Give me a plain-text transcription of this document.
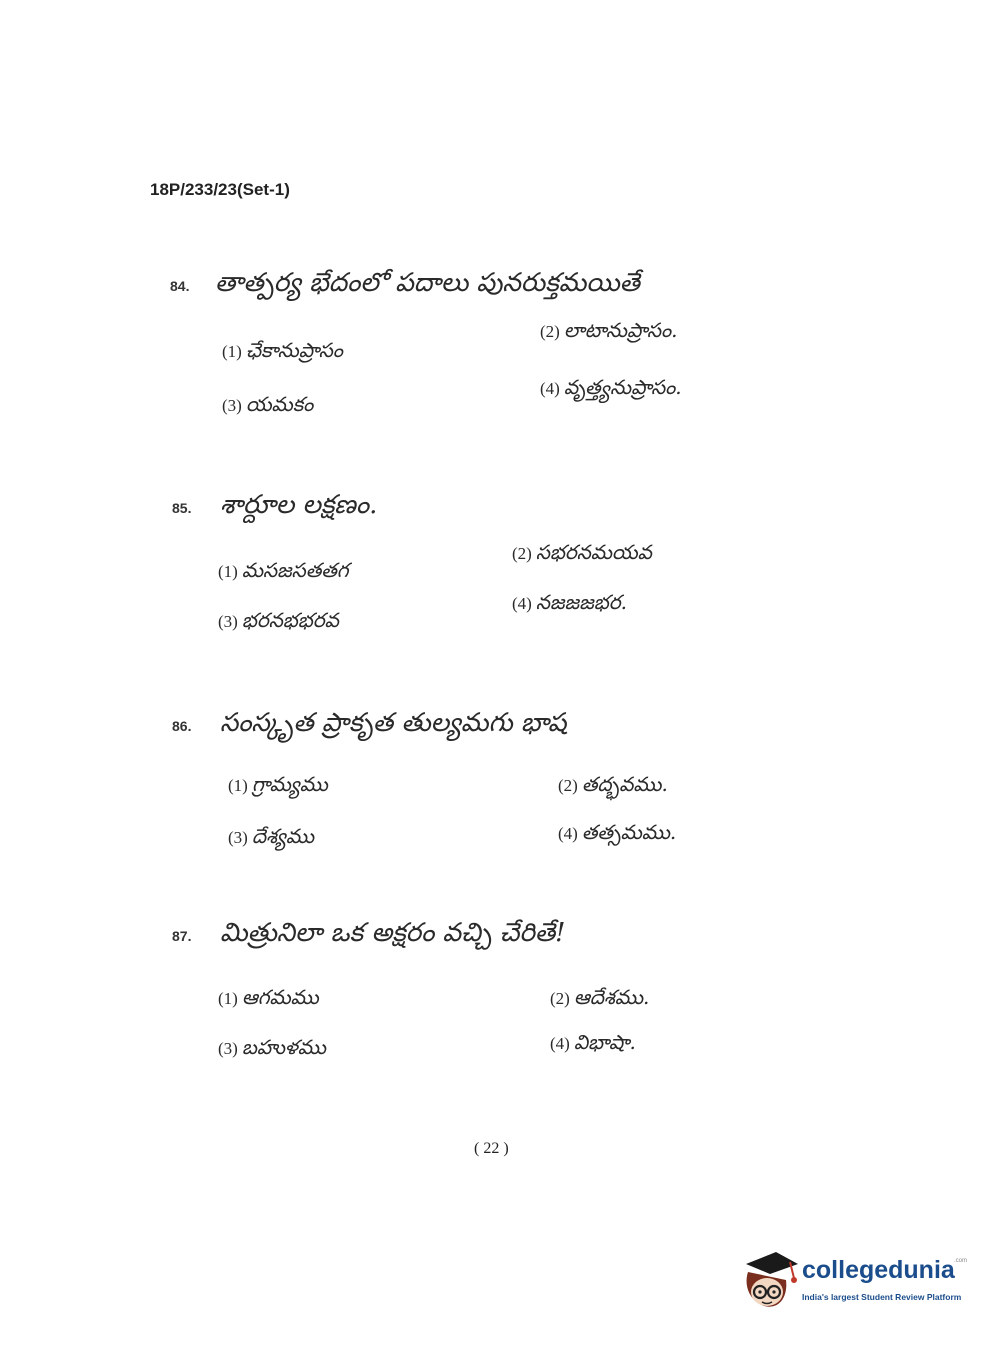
18P/233/23(Set-1)
84. తాత్పర్య భేదంలో పదాలు పునరుక్తమయితే
(1) ఛేకానుప్రాసం
(2) లాటానుప్రాసం.
(3) యమకం
(4) వృత్త్యనుప్రాసం.
85. శార్దూల లక్షణం.
(1) మసజసతతగ
(2) సభరనమయవ
(3) భరనభభరవ
(4) నజజజభర.
86. సంస్కృత ప్రాకృత తుల్యమగు భాష
(1) గ్రామ్యము	(2) తద్భవము.
(3) దేశ్యము	(4) తత్సమము.
87. మిత్రునిలా ఒక అక్షరం వచ్చి చేరితే!
(1) ఆగమము	(2) ఆదేశము.
(3) బహుళము	(4) విభాషా.
( 22 )
collegedunia .com
India's largest Student Review Platform
